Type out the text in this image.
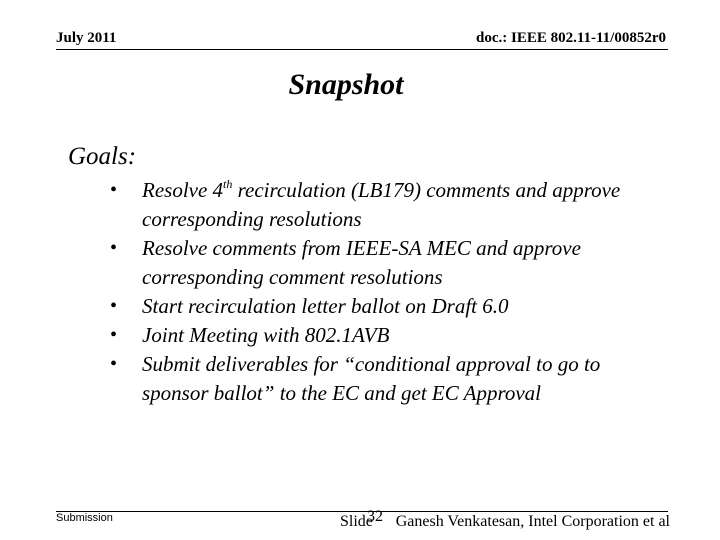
July 2011	doc.: IEEE 802.11-11/00852r0
Snapshot
Goals:
•	Resolve 4th recirculation (LB179) comments and approve corresponding resolutions
•	Resolve comments from IEEE-SA MEC and approve corresponding comment resolutions
•	Start recirculation letter ballot on Draft 6.0
•	Joint Meeting with 802.1AVB
•	Submit deliverables for “conditional approval to go to sponsor ballot” to the EC and get EC Approval
Submission	Slide
32 Ganesh Venkatesan, Intel Corporation et al
